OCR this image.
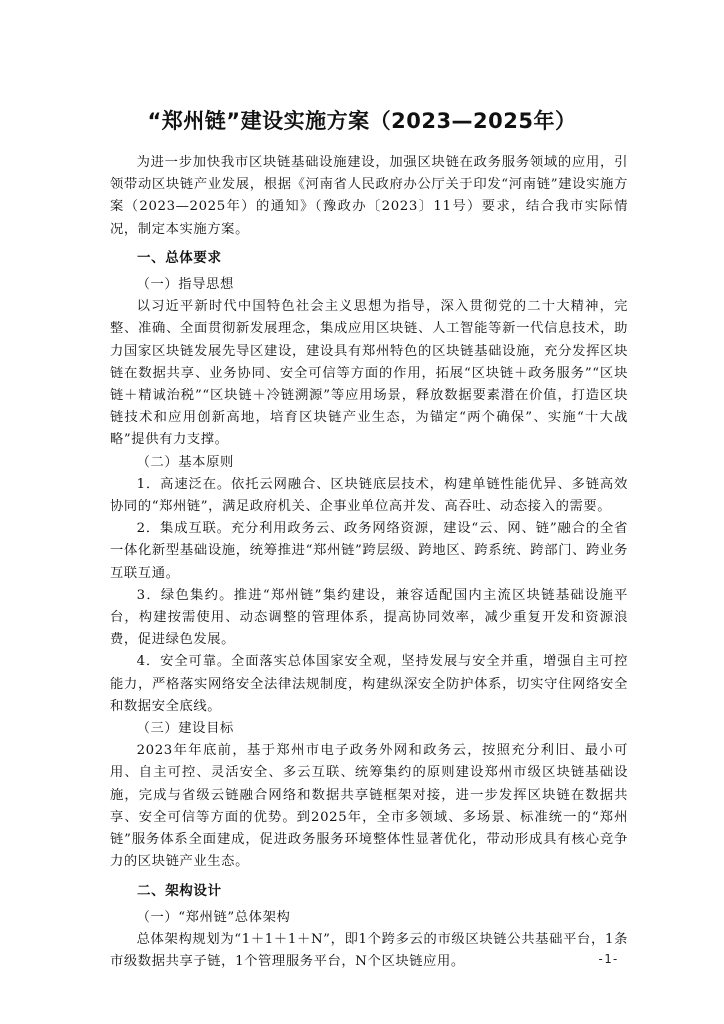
“郑州链”建设实施方案（2023—2025年）

为进一步加快我市区块链基础设施建设，加强区块链在政务服务领域的应用，引领带动区块链产业发展，根据《河南省人民政府办公厅关于印发“河南链”建设实施方案（2023—2025年）的通知》（豫政办〔2023〕11号）要求，结合我市实际情况，制定本实施方案。

一、总体要求

（一）指导思想

以习近平新时代中国特色社会主义思想为指导，深入贯彻党的二十大精神，完整、准确、全面贯彻新发展理念，集成应用区块链、人工智能等新一代信息技术，助力国家区块链发展先导区建设，建设具有郑州特色的区块链基础设施，充分发挥区块链在数据共享、业务协同、安全可信等方面的作用，拓展“区块链＋政务服务”“区块链＋精诚治税”“区块链＋冷链溯源”等应用场景，释放数据要素潜在价值，打造区块链技术和应用创新高地，培育区块链产业生态，为锚定“两个确保”、实施“十大战略”提供有力支撑。

（二）基本原则

1．高速泛在。依托云网融合、区块链底层技术，构建单链性能优异、多链高效协同的“郑州链”，满足政府机关、企事业单位高并发、高吞吐、动态接入的需要。

2．集成互联。充分利用政务云、政务网络资源，建设“云、网、链”融合的全省一体化新型基础设施，统筹推进“郑州链”跨层级、跨地区、跨系统、跨部门、跨业务互联互通。

3．绿色集约。推进“郑州链”集约建设，兼容适配国内主流区块链基础设施平台，构建按需使用、动态调整的管理体系，提高协同效率，减少重复开发和资源浪费，促进绿色发展。

4．安全可靠。全面落实总体国家安全观，坚持发展与安全并重，增强自主可控能力，严格落实网络安全法律法规制度，构建纵深安全防护体系，切实守住网络安全和数据安全底线。

（三）建设目标

2023年年底前，基于郑州市电子政务外网和政务云，按照充分利旧、最小可用、自主可控、灵活安全、多云互联、统筹集约的原则建设郑州市级区块链基础设施，完成与省级云链融合网络和数据共享链框架对接，进一步发挥区块链在数据共享、安全可信等方面的优势。到2025年，全市多领域、多场景、标准统一的“郑州链”服务体系全面建成，促进政务服务环境整体性显著优化，带动形成具有核心竞争力的区块链产业生态。

二、架构设计

（一）“郑州链”总体架构

总体架构规划为“1＋1＋1＋N”，即1个跨多云的市级区块链公共基础平台，1条市级数据共享子链，1个管理服务平台，N个区块链应用。	-1-
